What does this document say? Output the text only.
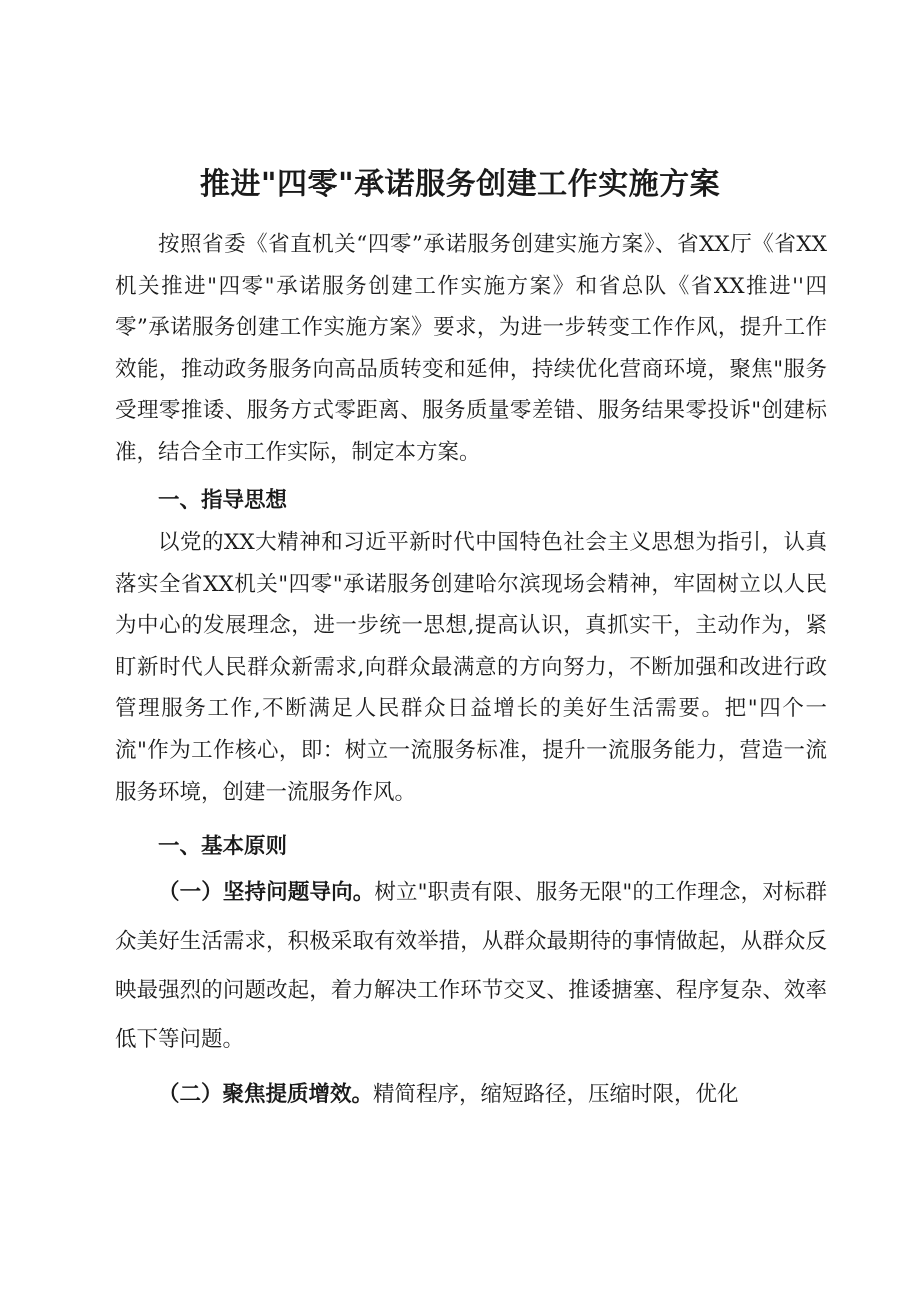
推进"四零"承诺服务创建工作实施方案
按照省委《省直机关“四零”承诺服务创建实施方案》、省XX厅《省XX机关推进"四零"承诺服务创建工作实施方案》和省总队《省XX推进''四零”承诺服务创建工作实施方案》要求，为进一步转变工作作风，提升工作效能，推动政务服务向高品质转变和延伸，持续优化营商环境，聚焦"服务受理零推诿、服务方式零距离、服务质量零差错、服务结果零投诉"创建标准，结合全市工作实际，制定本方案。
一、指导思想
以党的XX大精神和习近平新时代中国特色社会主义思想为指引，认真落实全省XX机关"四零"承诺服务创建哈尔滨现场会精神，牢固树立以人民为中心的发展理念，进一步统一思想,提高认识，真抓实干，主动作为，紧盯新时代人民群众新需求,向群众最满意的方向努力，不断加强和改进行政管理服务工作,不断满足人民群众日益增长的美好生活需要。把"四个一流"作为工作核心，即：树立一流服务标准，提升一流服务能力，营造一流服务环境，创建一流服务作风。
一、基本原则
（一）坚持问题导向。树立"职责有限、服务无限"的工作理念，对标群众美好生活需求，积极采取有效举措，从群众最期待的事情做起，从群众反映最强烈的问题改起，着力解决工作环节交叉、推诿搪塞、程序复杂、效率低下等问题。
（二）聚焦提质增效。精简程序，缩短路径，压缩时限，优化
